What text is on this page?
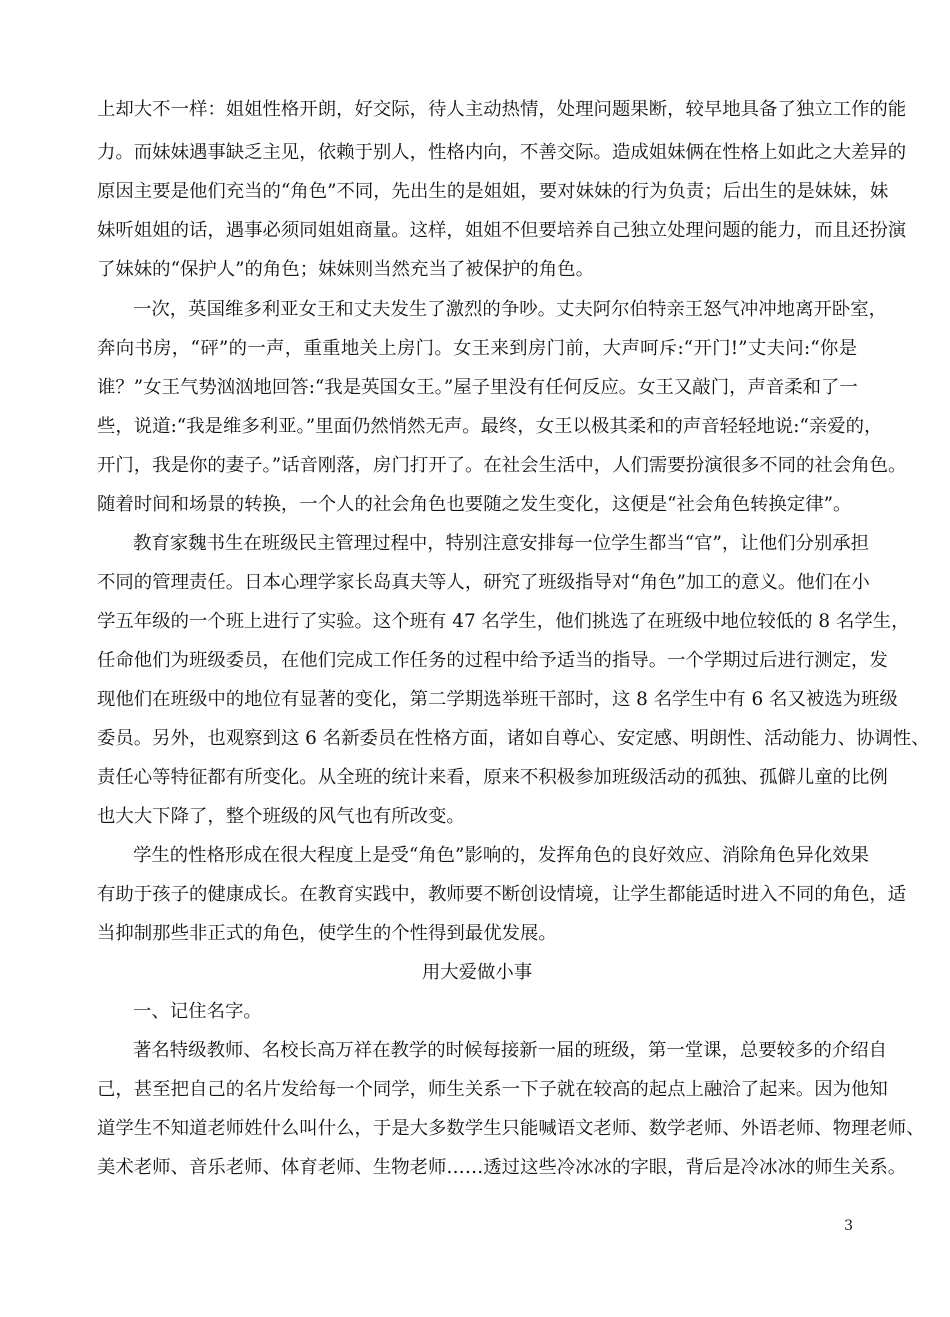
上却大不一样：姐姐性格开朗，好交际，待人主动热情，处理问题果断，较早地具备了独立工作的能
力。而妹妹遇事缺乏主见，依赖于别人，性格内向，不善交际。造成姐妹俩在性格上如此之大差异的
原因主要是他们充当的“角色”不同，先出生的是姐姐，要对妹妹的行为负责；后出生的是妹妹，妹
妹听姐姐的话，遇事必须同姐姐商量。这样，姐姐不但要培养自己独立处理问题的能力，而且还扮演
了妹妹的“保护人”的角色；妹妹则当然充当了被保护的角色。
一次，英国维多利亚女王和丈夫发生了激烈的争吵。丈夫阿尔伯特亲王怒气冲冲地离开卧室，
奔向书房，“砰”的一声，重重地关上房门。女王来到房门前，大声呵斥:“开门!”丈夫问:“你是
谁？”女王气势汹汹地回答:“我是英国女王。”屋子里没有任何反应。女王又敲门，声音柔和了一
些，说道:“我是维多利亚。”里面仍然悄然无声。最终，女王以极其柔和的声音轻轻地说:“亲爱的，
开门，我是你的妻子。”话音刚落，房门打开了。在社会生活中，人们需要扮演很多不同的社会角色。
随着时间和场景的转换，一个人的社会角色也要随之发生变化，这便是“社会角色转换定律”。
教育家魏书生在班级民主管理过程中，特别注意安排每一位学生都当“官”，让他们分别承担
不同的管理责任。日本心理学家长岛真夫等人，研究了班级指导对“角色”加工的意义。他们在小
学五年级的一个班上进行了实验。这个班有 47 名学生，他们挑选了在班级中地位较低的 8 名学生，
任命他们为班级委员，在他们完成工作任务的过程中给予适当的指导。一个学期过后进行测定，发
现他们在班级中的地位有显著的变化，第二学期选举班干部时，这 8 名学生中有 6 名又被选为班级
委员。另外，也观察到这 6 名新委员在性格方面，诸如自尊心、安定感、明朗性、活动能力、协调性、
责任心等特征都有所变化。从全班的统计来看，原来不积极参加班级活动的孤独、孤僻儿童的比例
也大大下降了，整个班级的风气也有所改变。
学生的性格形成在很大程度上是受“角色”影响的，发挥角色的良好效应、消除角色异化效果
有助于孩子的健康成长。在教育实践中，教师要不断创设情境，让学生都能适时进入不同的角色，适
当抑制那些非正式的角色，使学生的个性得到最优发展。
用大爱做小事
一、记住名字。
著名特级教师、名校长高万祥在教学的时候每接新一届的班级，第一堂课，总要较多的介绍自
己，甚至把自己的名片发给每一个同学，师生关系一下子就在较高的起点上融洽了起来。因为他知
道学生不知道老师姓什么叫什么，于是大多数学生只能喊语文老师、数学老师、外语老师、物理老师、
美术老师、音乐老师、体育老师、生物老师……透过这些冷冰冰的字眼，背后是冷冰冰的师生关系。
3
